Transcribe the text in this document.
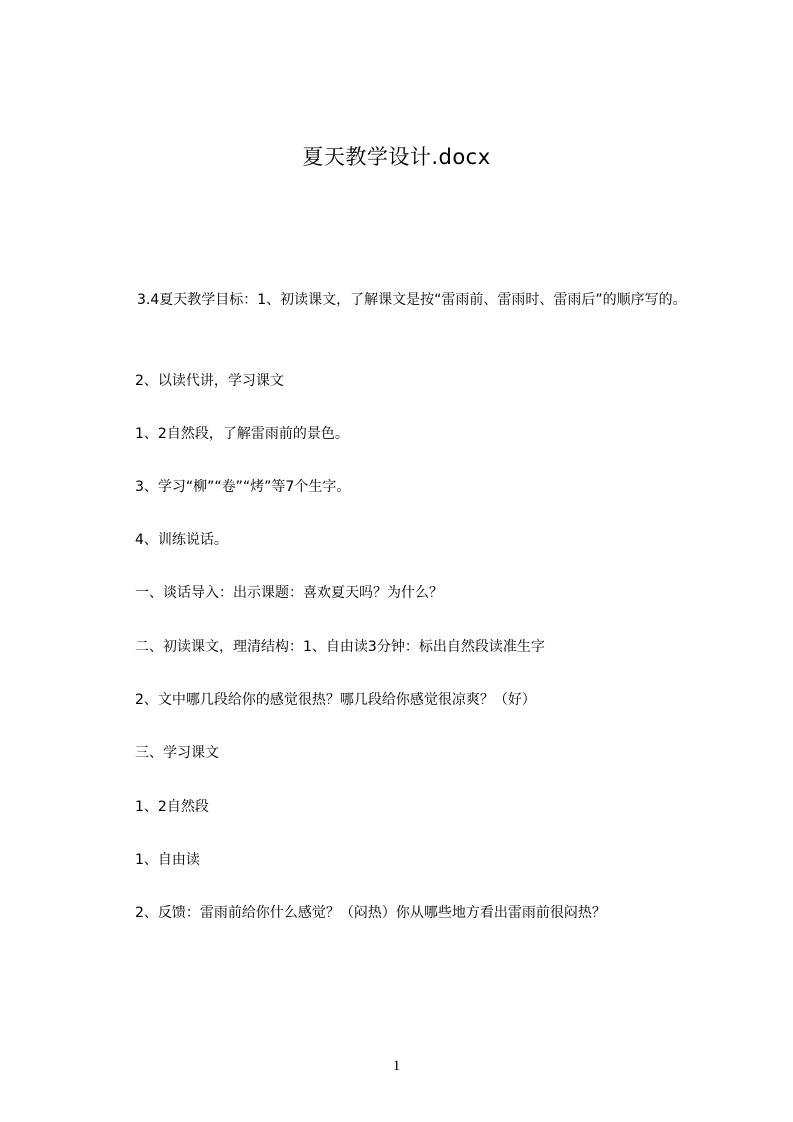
夏天教学设计.docx

3.4夏天教学目标：1、初读课文，了解课文是按“雷雨前、雷雨时、雷雨后”的顺序写的。

2、以读代讲，学习课文

1、2自然段，了解雷雨前的景色。

3、学习“柳”“卷”“烤”等7个生字。

4、训练说话。

一、谈话导入：出示课题：喜欢夏天吗？为什么？

二、初读课文，理清结构：1、自由读3分钟：标出自然段读准生字

2、文中哪几段给你的感觉很热？哪几段给你感觉很凉爽？（好）

三、学习课文

1、2自然段

1、自由读

2、反馈：雷雨前给你什么感觉？（闷热）你从哪些地方看出雷雨前很闷热？

1
